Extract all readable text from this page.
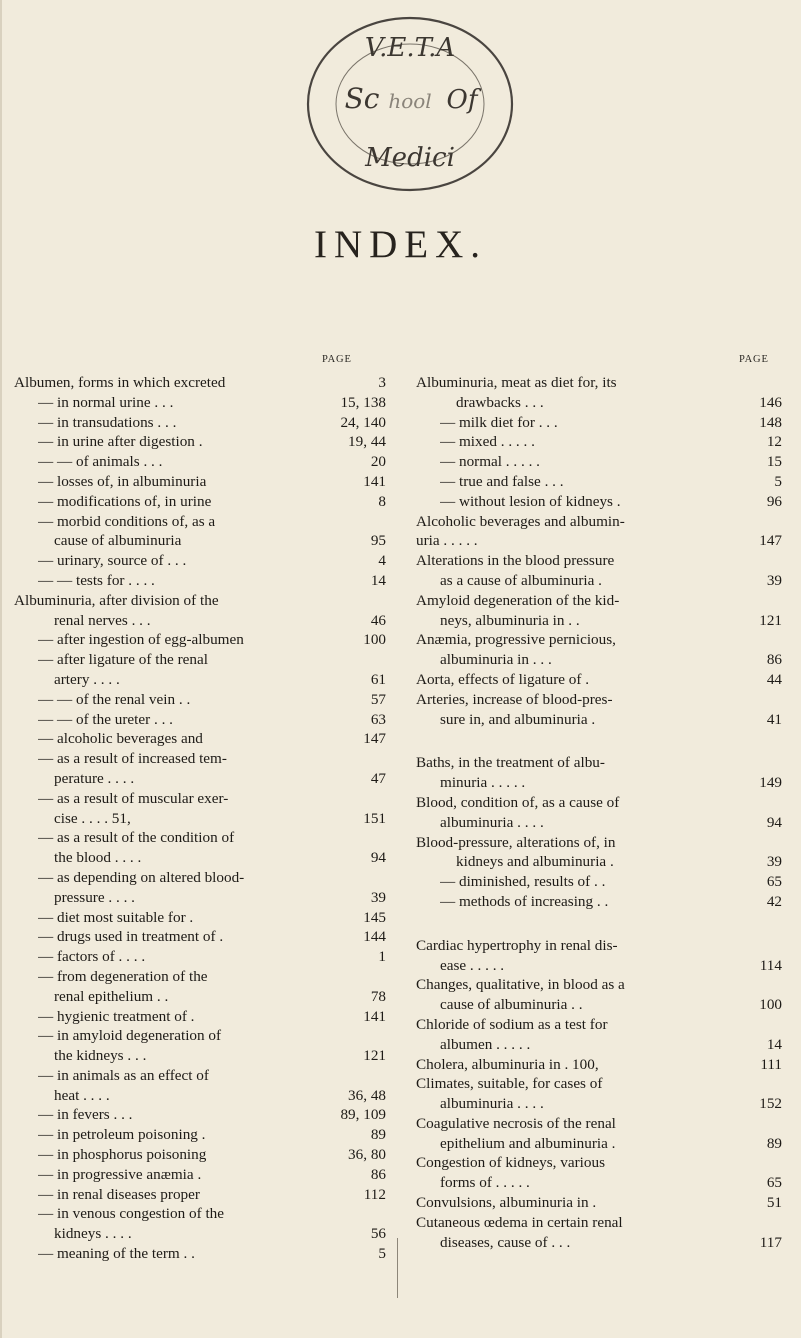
V.E.T.A
Sc hool Of
Medici
INDEX.
PAGE	PAGE
Albumen, forms in which excreted	3
— in normal urine . . .	15, 138
— in transudations . . .	24, 140
— in urine after digestion .	19, 44
— — of animals . . .	20
— losses of, in albuminuria	141
— modifications of, in urine	8
— morbid conditions of, as a
cause of albuminuria	95
— urinary, source of . . .	4
— — tests for . . . .	14
Albuminuria, after division of the
renal nerves . . .	46
— after ingestion of egg-albumen	100
— after ligature of the renal
artery . . . .	61
— — of the renal vein . .	57
— — of the ureter . . .	63
— alcoholic beverages and	147
— as a result of increased tem-
perature . . . .	47
— as a result of muscular exer-
cise . . . . 51,	151
— as a result of the condition of
the blood . . . .	94
— as depending on altered blood-
pressure . . . .	39
— diet most suitable for .	145
— drugs used in treatment of .	144
— factors of . . . .	1
— from degeneration of the
renal epithelium . .	78
— hygienic treatment of .	141
— in amyloid degeneration of
the kidneys . . .	121
— in animals as an effect of
heat . . . .	36, 48
— in fevers . . .	89, 109
— in petroleum poisoning .	89
— in phosphorus poisoning	36, 80
— in progressive anæmia .	86
— in renal diseases proper	112
— in venous congestion of the
kidneys . . . .	56
— meaning of the term . .	5
Albuminuria, meat as diet for, its
drawbacks . . .	146
— milk diet for . . .	148
— mixed . . . . .	12
— normal . . . . .	15
— true and false . . .	5
— without lesion of kidneys .	96
Alcoholic beverages and albumin-
uria . . . . .	147
Alterations in the blood pressure
as a cause of albuminuria .	39
Amyloid degeneration of the kid-
neys, albuminuria in . .	121
Anæmia, progressive pernicious,
albuminuria in . . .	86
Aorta, effects of ligature of .	44
Arteries, increase of blood-pres-
sure in, and albuminuria .	41
Baths, in the treatment of albu-
minuria . . . . .	149
Blood, condition of, as a cause of
albuminuria . . . .	94
Blood-pressure, alterations of, in
kidneys and albuminuria .	39
— diminished, results of . .	65
— methods of increasing . .	42
Cardiac hypertrophy in renal dis-
ease . . . . .	114
Changes, qualitative, in blood as a
cause of albuminuria . .	100
Chloride of sodium as a test for
albumen . . . . .	14
Cholera, albuminuria in . 100,	111
Climates, suitable, for cases of
albuminuria . . . .	152
Coagulative necrosis of the renal
epithelium and albuminuria .	89
Congestion of kidneys, various
forms of . . . . .	65
Convulsions, albuminuria in .	51
Cutaneous œdema in certain renal
diseases, cause of . . .	117
